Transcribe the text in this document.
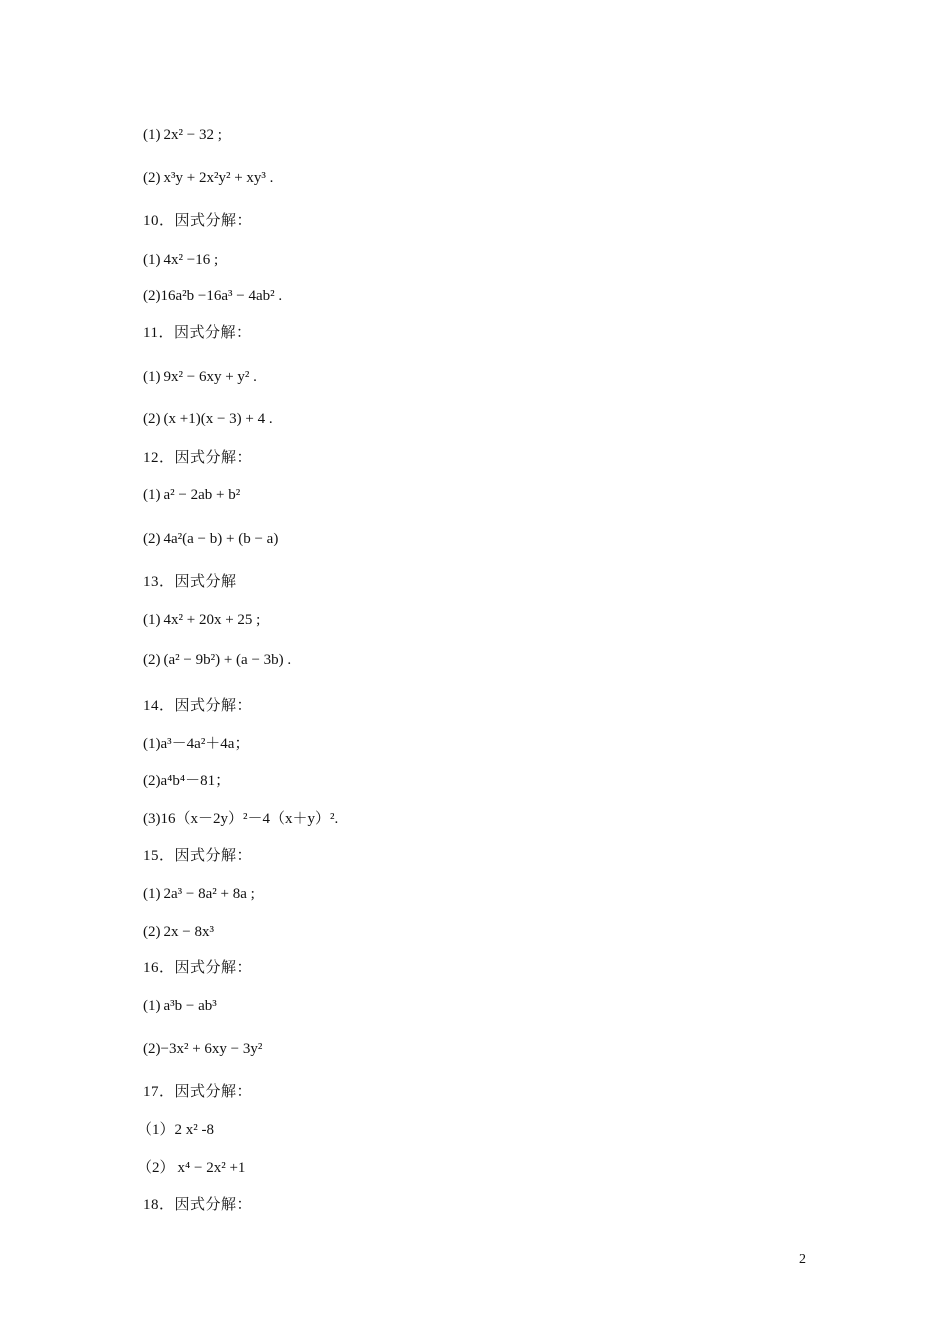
(1) 2x² − 32 ;
(2) x³y + 2x²y² + xy³ .
10．因式分解：
(1) 4x² −16 ;
(2)16a²b −16a³ − 4ab² .
11．因式分解：
(1) 9x² − 6xy + y² .
(2) (x +1)(x − 3) + 4 .
12．因式分解：
(1) a² − 2ab + b²
(2) 4a²(a − b) + (b − a)
13．因式分解
(1) 4x² + 20x + 25 ;
(2) (a² − 9b²) + (a − 3b) .
14．因式分解：
(1)a³－4a²＋4a；
(2)a⁴b⁴－81；
(3)16（x－2y）²－4（x＋y）².
15．因式分解：
(1) 2a³ − 8a² + 8a ;
(2) 2x − 8x³
16．因式分解：
(1) a³b − ab³
(2)−3x² + 6xy − 3y²
17．因式分解：
（1）2 x² -8
（2） x⁴ − 2x² +1
18．因式分解：
2
